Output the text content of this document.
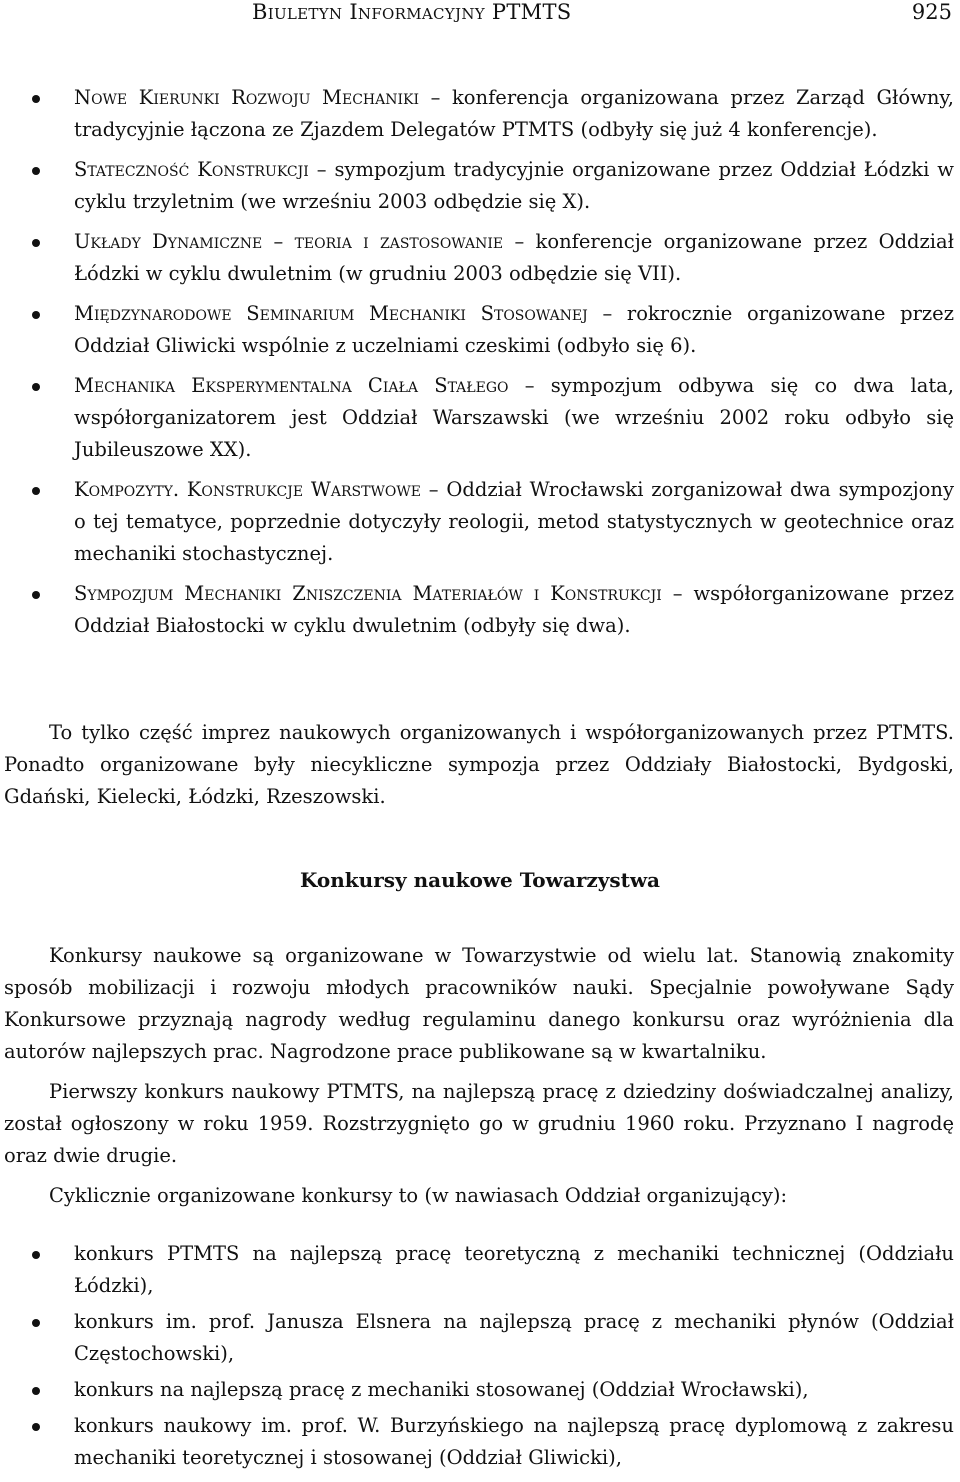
Biuletyn Informacyjny PTMTS	925
Nowe Kierunki Rozwoju Mechaniki – konferencja organizowana przez Zarząd Główny, tradycyjnie łączona ze Zjazdem Delegatów PTMTS (odbyły się już 4 konferencje).
Stateczność Konstrukcji – sympozjum tradycyjnie organizowane przez Oddział Łódzki w cyklu trzyletnim (we wrześniu 2003 odbędzie się X).
Układy Dynamiczne – teoria i zastosowanie – konferencje organizowane przez Oddział Łódzki w cyklu dwuletnim (w grudniu 2003 odbędzie się VII).
Międzynarodowe Seminarium Mechaniki Stosowanej – rokrocznie organizowane przez Oddział Gliwicki wspólnie z uczelniami czeskimi (odbyło się 6).
Mechanika Eksperymentalna Ciała Stałego – sympozjum odbywa się co dwa lata, współorganizatorem jest Oddział Warszawski (we wrześniu 2002 roku odbyło się Jubileuszowe XX).
Kompozyty. Konstrukcje Warstwowe – Oddział Wrocławski zorganizował dwa sympozjony o tej tematyce, poprzednie dotyczyły reologii, metod statystycznych w geotechnice oraz mechaniki stochastycznej.
Sympozjum Mechaniki Zniszczenia Materiałów i Konstrukcji – współorganizowane przez Oddział Białostocki w cyklu dwuletnim (odbyły się dwa).

To tylko część imprez naukowych organizowanych i współorganizowanych przez PTMTS. Ponadto organizowane były niecykliczne sympozja przez Oddziały Białostocki, Bydgoski, Gdański, Kielecki, Łódzki, Rzeszowski.

Konkursy naukowe Towarzystwa

Konkursy naukowe są organizowane w Towarzystwie od wielu lat. Stanowią znakomity sposób mobilizacji i rozwoju młodych pracowników nauki. Specjalnie powoływane Sądy Konkursowe przyznają nagrody według regulaminu danego konkursu oraz wyróżnienia dla autorów najlepszych prac. Nagrodzone prace publikowane są w kwartalniku.

Pierwszy konkurs naukowy PTMTS, na najlepszą pracę z dziedziny doświadczalnej analizy, został ogłoszony w roku 1959. Rozstrzygnięto go w grudniu 1960 roku. Przyznano I nagrodę oraz dwie drugie.

Cyklicznie organizowane konkursy to (w nawiasach Oddział organizujący):

konkurs PTMTS na najlepszą pracę teoretyczną z mechaniki technicznej (Oddziału Łódzki),
konkurs im. prof. Janusza Elsnera na najlepszą pracę z mechaniki płynów (Oddział Częstochowski),
konkurs na najlepszą pracę z mechaniki stosowanej (Oddział Wrocławski),
konkurs naukowy im. prof. W. Burzyńskiego na najlepszą pracę dyplomową z zakresu mechaniki teoretycznej i stosowanej (Oddział Gliwicki),
